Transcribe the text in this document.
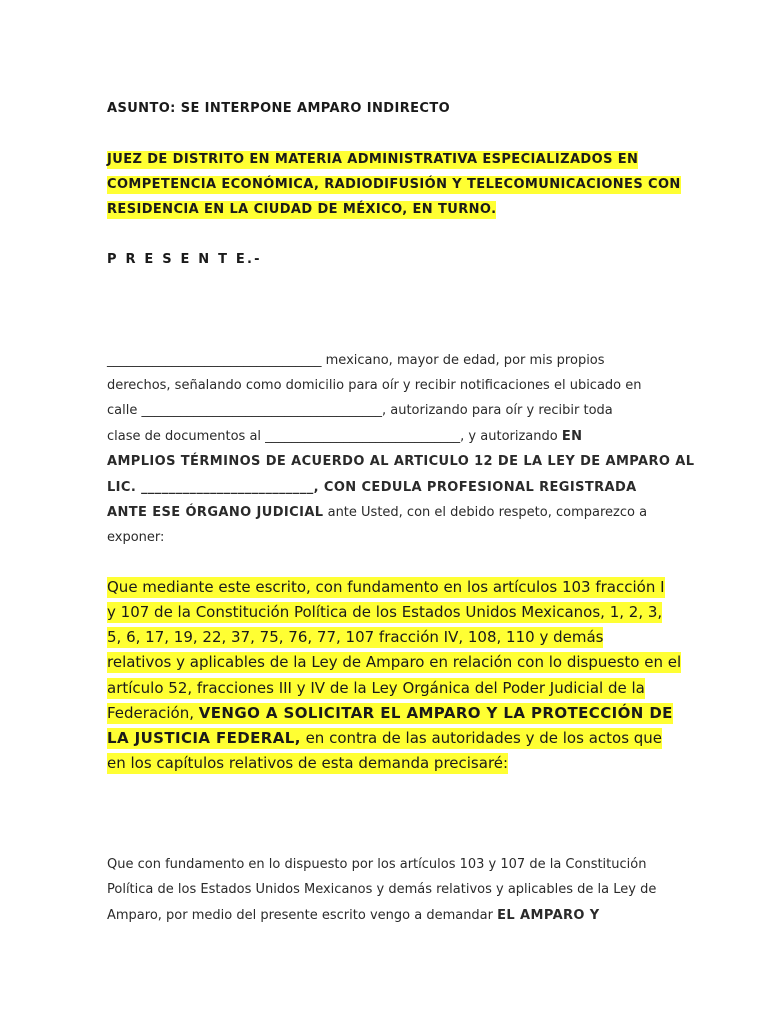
ASUNTO: SE INTERPONE AMPARO INDIRECTO
JUEZ DE DISTRITO EN MATERIA ADMINISTRATIVA ESPECIALIZADOS EN
COMPETENCIA ECONÓMICA, RADIODIFUSIÓN Y TELECOMUNICACIONES CON
RESIDENCIA EN LA CIUDAD DE MÉXICO, EN TURNO.
P R E S E N T E.-
_________________________________ mexicano, mayor de edad, por mis propios
derechos, señalando como domicilio para oír y recibir notificaciones el ubicado en
calle _____________________________________, autorizando para oír y recibir toda
clase de documentos al ______________________________, y autorizando EN
AMPLIOS TÉRMINOS DE ACUERDO AL ARTICULO 12 DE LA LEY DE AMPARO AL
LIC. _________________________, CON CEDULA PROFESIONAL REGISTRADA
ANTE ESE ÓRGANO JUDICIAL ante Usted, con el debido respeto, comparezco a
exponer:
Que mediante este escrito, con fundamento en los artículos 103 fracción I
y 107 de la Constitución Política de los Estados Unidos Mexicanos, 1, 2, 3,
5, 6, 17, 19, 22, 37, 75, 76, 77, 107 fracción IV, 108, 110 y demás
relativos y aplicables de la Ley de Amparo en relación con lo dispuesto en el
artículo 52, fracciones III y IV de la Ley Orgánica del Poder Judicial de la
Federación, VENGO A SOLICITAR EL AMPARO Y LA PROTECCIÓN DE
LA JUSTICIA FEDERAL, en contra de las autoridades y de los actos que
en los capítulos relativos de esta demanda precisaré:
Que con fundamento en lo dispuesto por los artículos 103 y 107 de la Constitución
Política de los Estados Unidos Mexicanos y demás relativos y aplicables de la Ley de
Amparo, por medio del presente escrito vengo a demandar EL AMPARO Y
